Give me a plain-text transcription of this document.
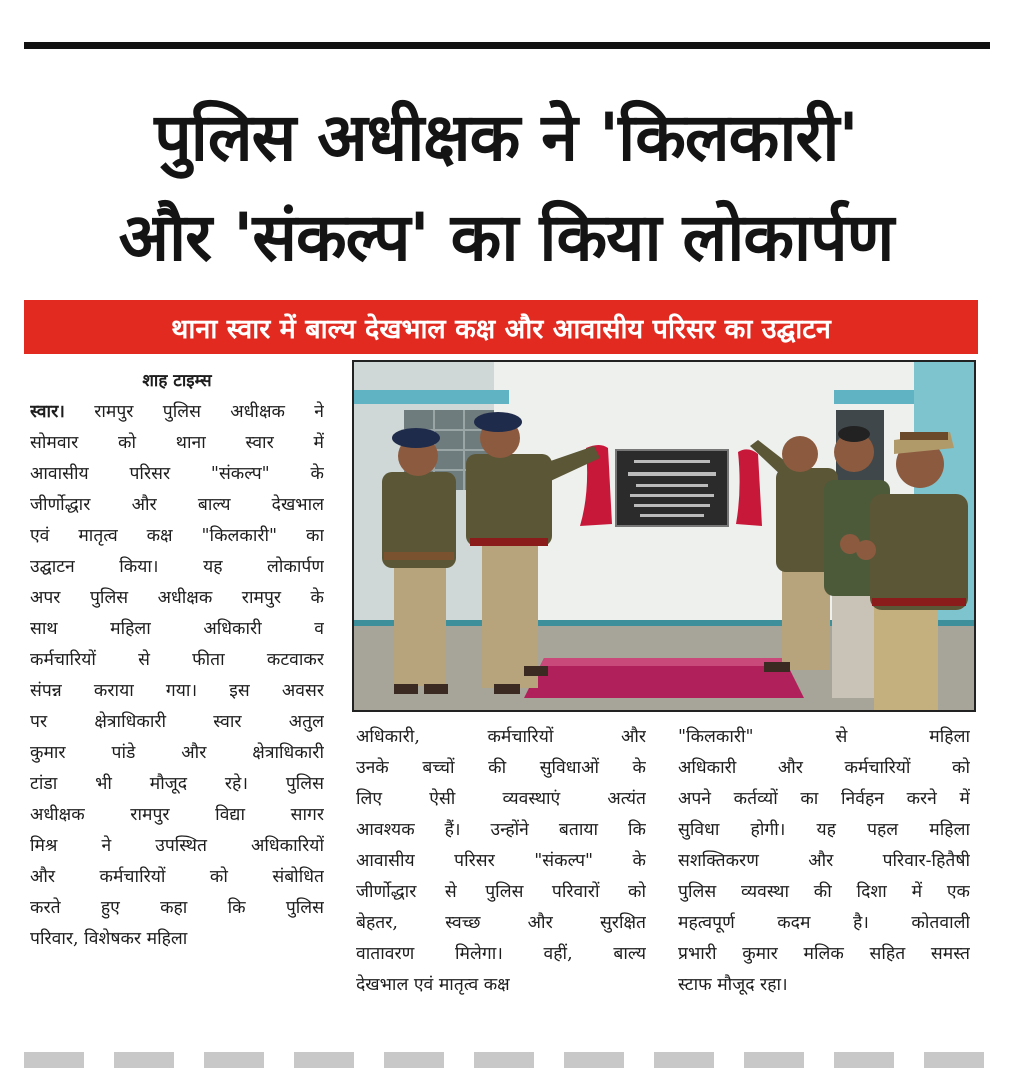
पुलिस अधीक्षक ने 'किलकारी'
और 'संकल्प' का किया लोकार्पण
थाना स्वार में बाल्य देखभाल कक्ष और आवासीय परिसर का उद्घाटन
शाह टाइम्स
स्वार। रामपुर पुलिस अधीक्षक ने
सोमवार को थाना स्वार में
आवासीय परिसर "संकल्प" के
जीर्णोद्धार और बाल्य देखभाल
एवं मातृत्व कक्ष "किलकारी" का
उद्घाटन किया। यह लोकार्पण
अपर पुलिस अधीक्षक रामपुर के
साथ महिला अधिकारी व
कर्मचारियों से फीता कटवाकर
संपन्न कराया गया। इस अवसर
पर क्षेत्राधिकारी स्वार अतुल
कुमार पांडे और क्षेत्राधिकारी
टांडा भी मौजूद रहे। पुलिस
अधीक्षक रामपुर विद्या सागर
मिश्र ने उपस्थित अधिकारियों
और कर्मचारियों को संबोधित
करते हुए कहा कि पुलिस
परिवार, विशेषकर महिला
अधिकारी, कर्मचारियों और
उनके बच्चों की सुविधाओं के
लिए ऐसी व्यवस्थाएं अत्यंत
आवश्यक हैं। उन्होंने बताया कि
आवासीय परिसर "संकल्प" के
जीर्णोद्धार से पुलिस परिवारों को
बेहतर, स्वच्छ और सुरक्षित
वातावरण मिलेगा। वहीं, बाल्य
देखभाल एवं मातृत्व कक्ष
"किलकारी" से महिला
अधिकारी और कर्मचारियों को
अपने कर्तव्यों का निर्वहन करने में
सुविधा होगी। यह पहल महिला
सशक्तिकरण और परिवार-हितैषी
पुलिस व्यवस्था की दिशा में एक
महत्वपूर्ण कदम है। कोतवाली
प्रभारी कुमार मलिक सहित समस्त
स्टाफ मौजूद रहा।
